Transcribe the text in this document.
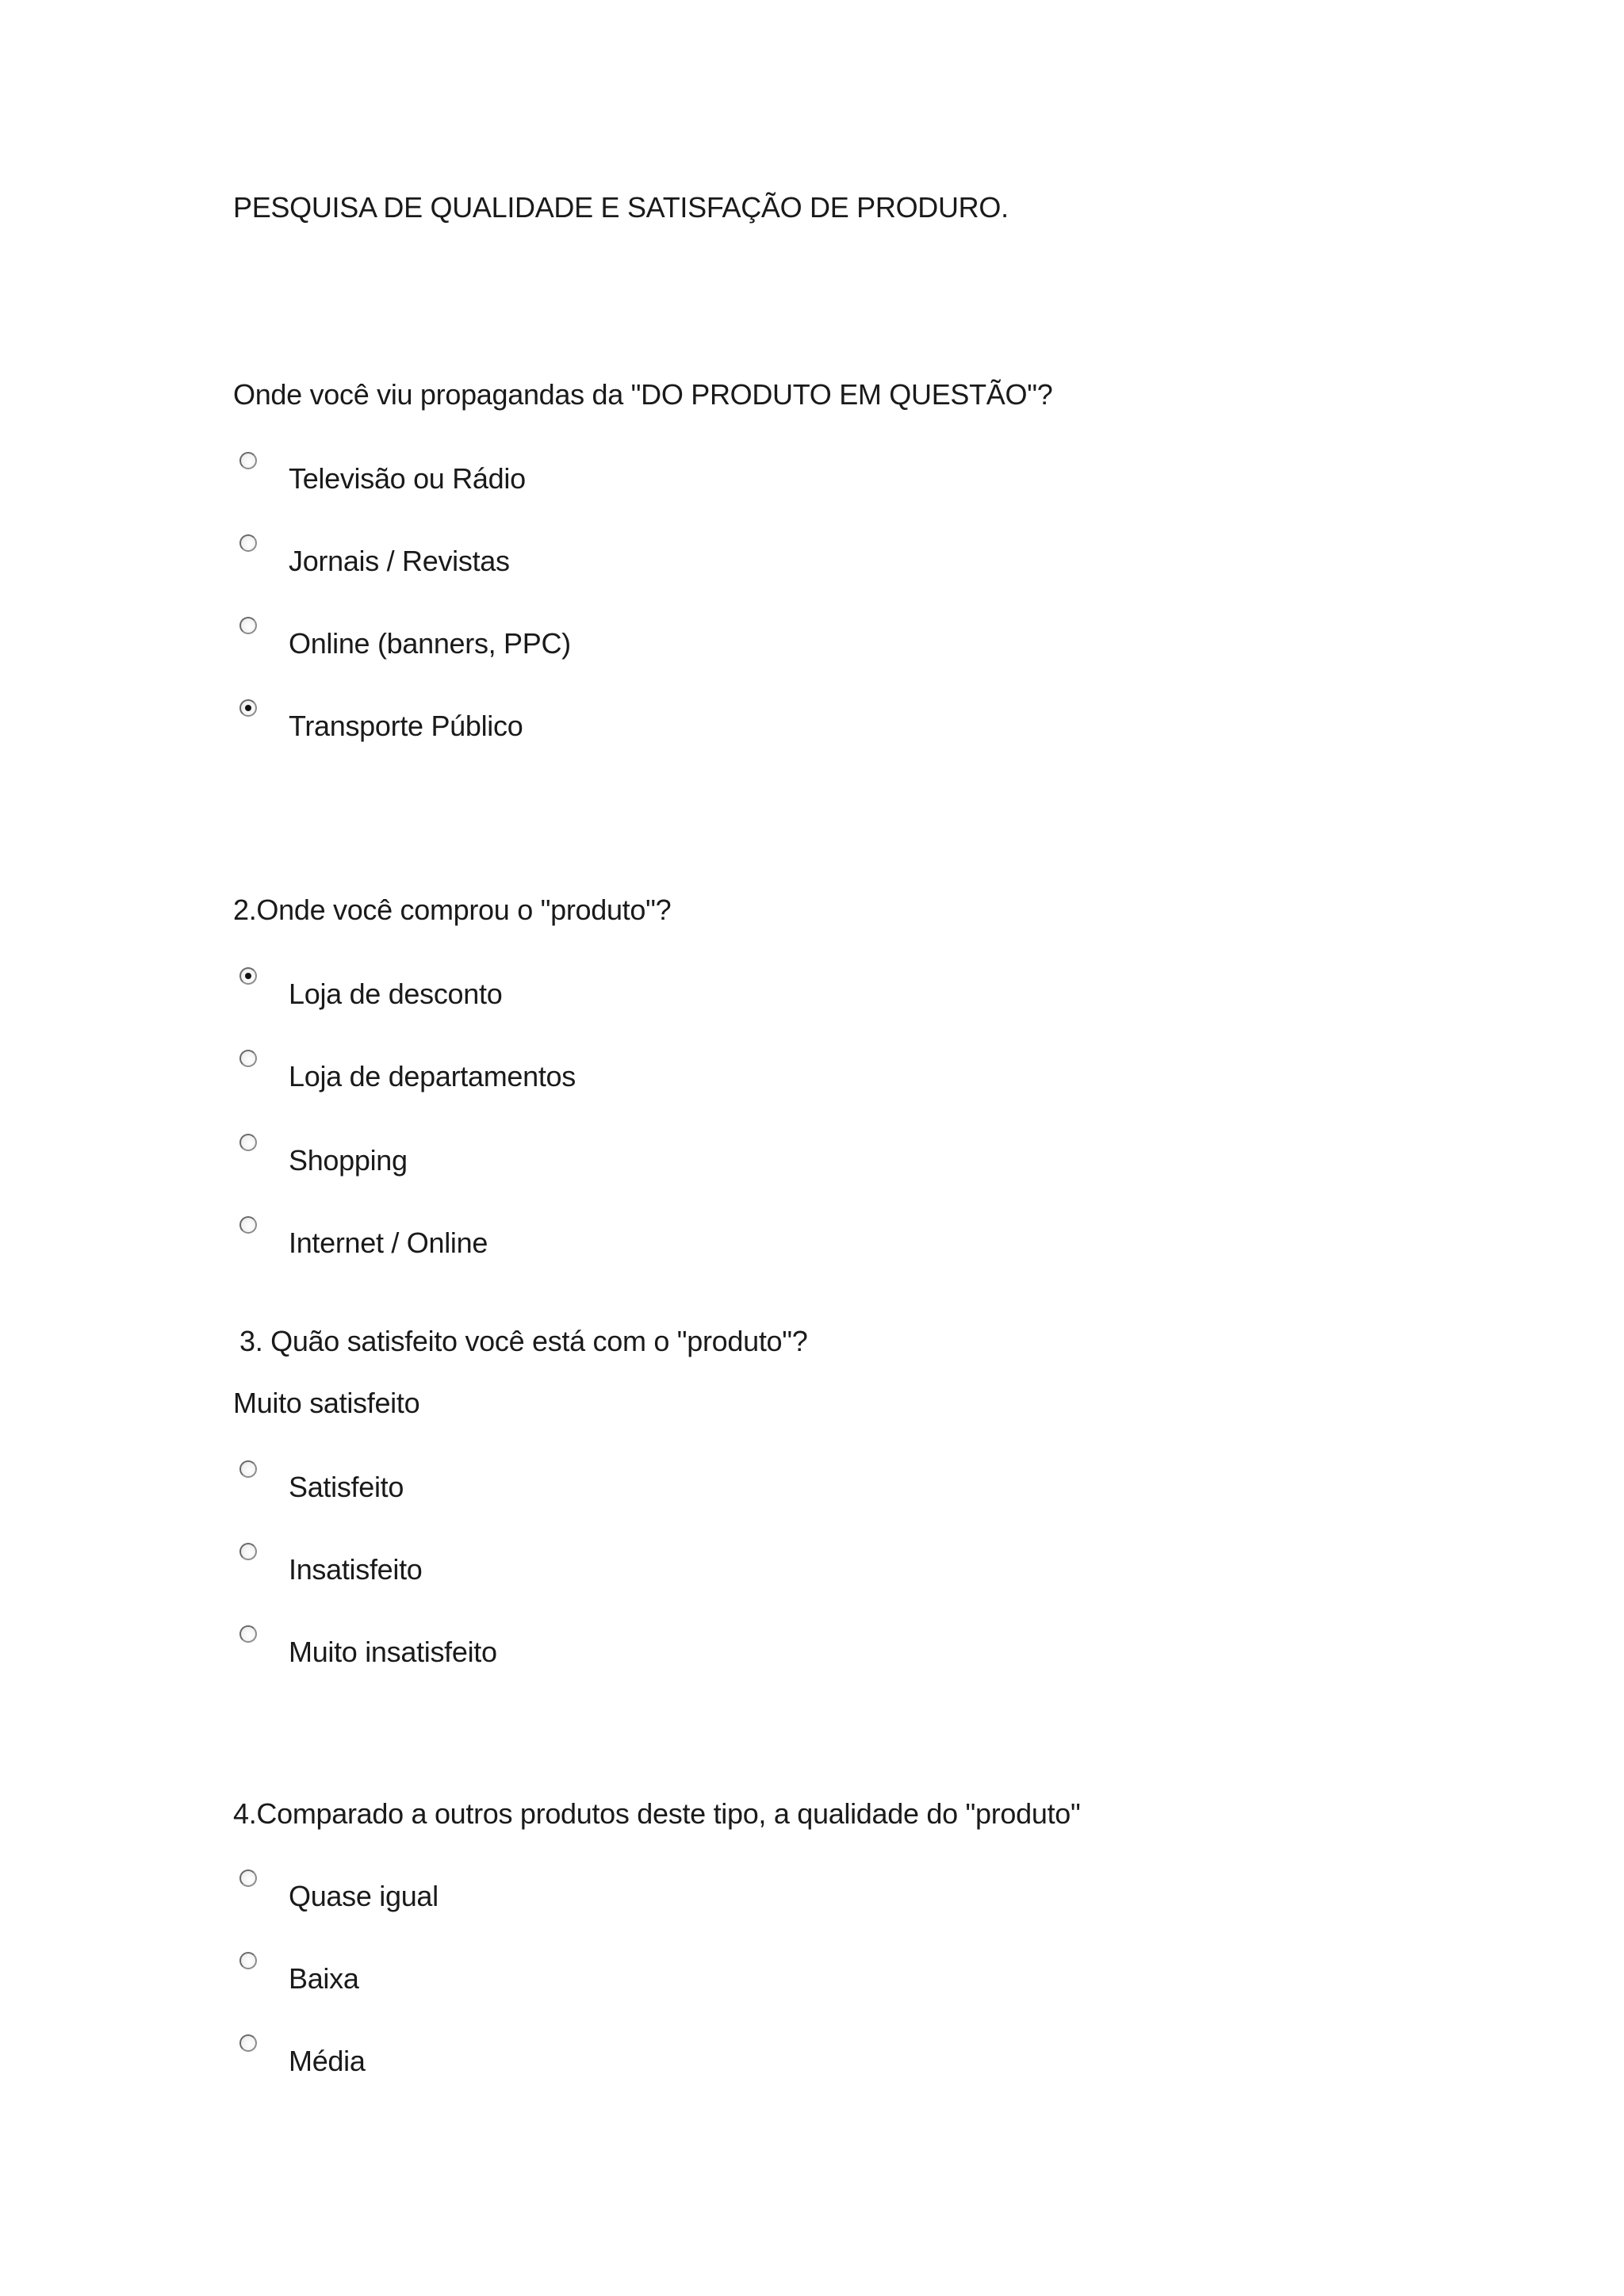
PESQUISA DE QUALIDADE E SATISFAÇÃO DE PRODURO.
Onde você viu propagandas da "DO PRODUTO EM QUESTÃO"?
Televisão ou Rádio
Jornais / Revistas
Online (banners, PPC)
Transporte Público
2.Onde você comprou o "produto"?
Loja de desconto
Loja de departamentos
Shopping
Internet / Online
3. Quão satisfeito você está com o "produto"?
Muito satisfeito
Satisfeito
Insatisfeito
Muito insatisfeito
4.Comparado a outros produtos deste tipo, a qualidade do "produto"
Quase igual
Baixa
Média
